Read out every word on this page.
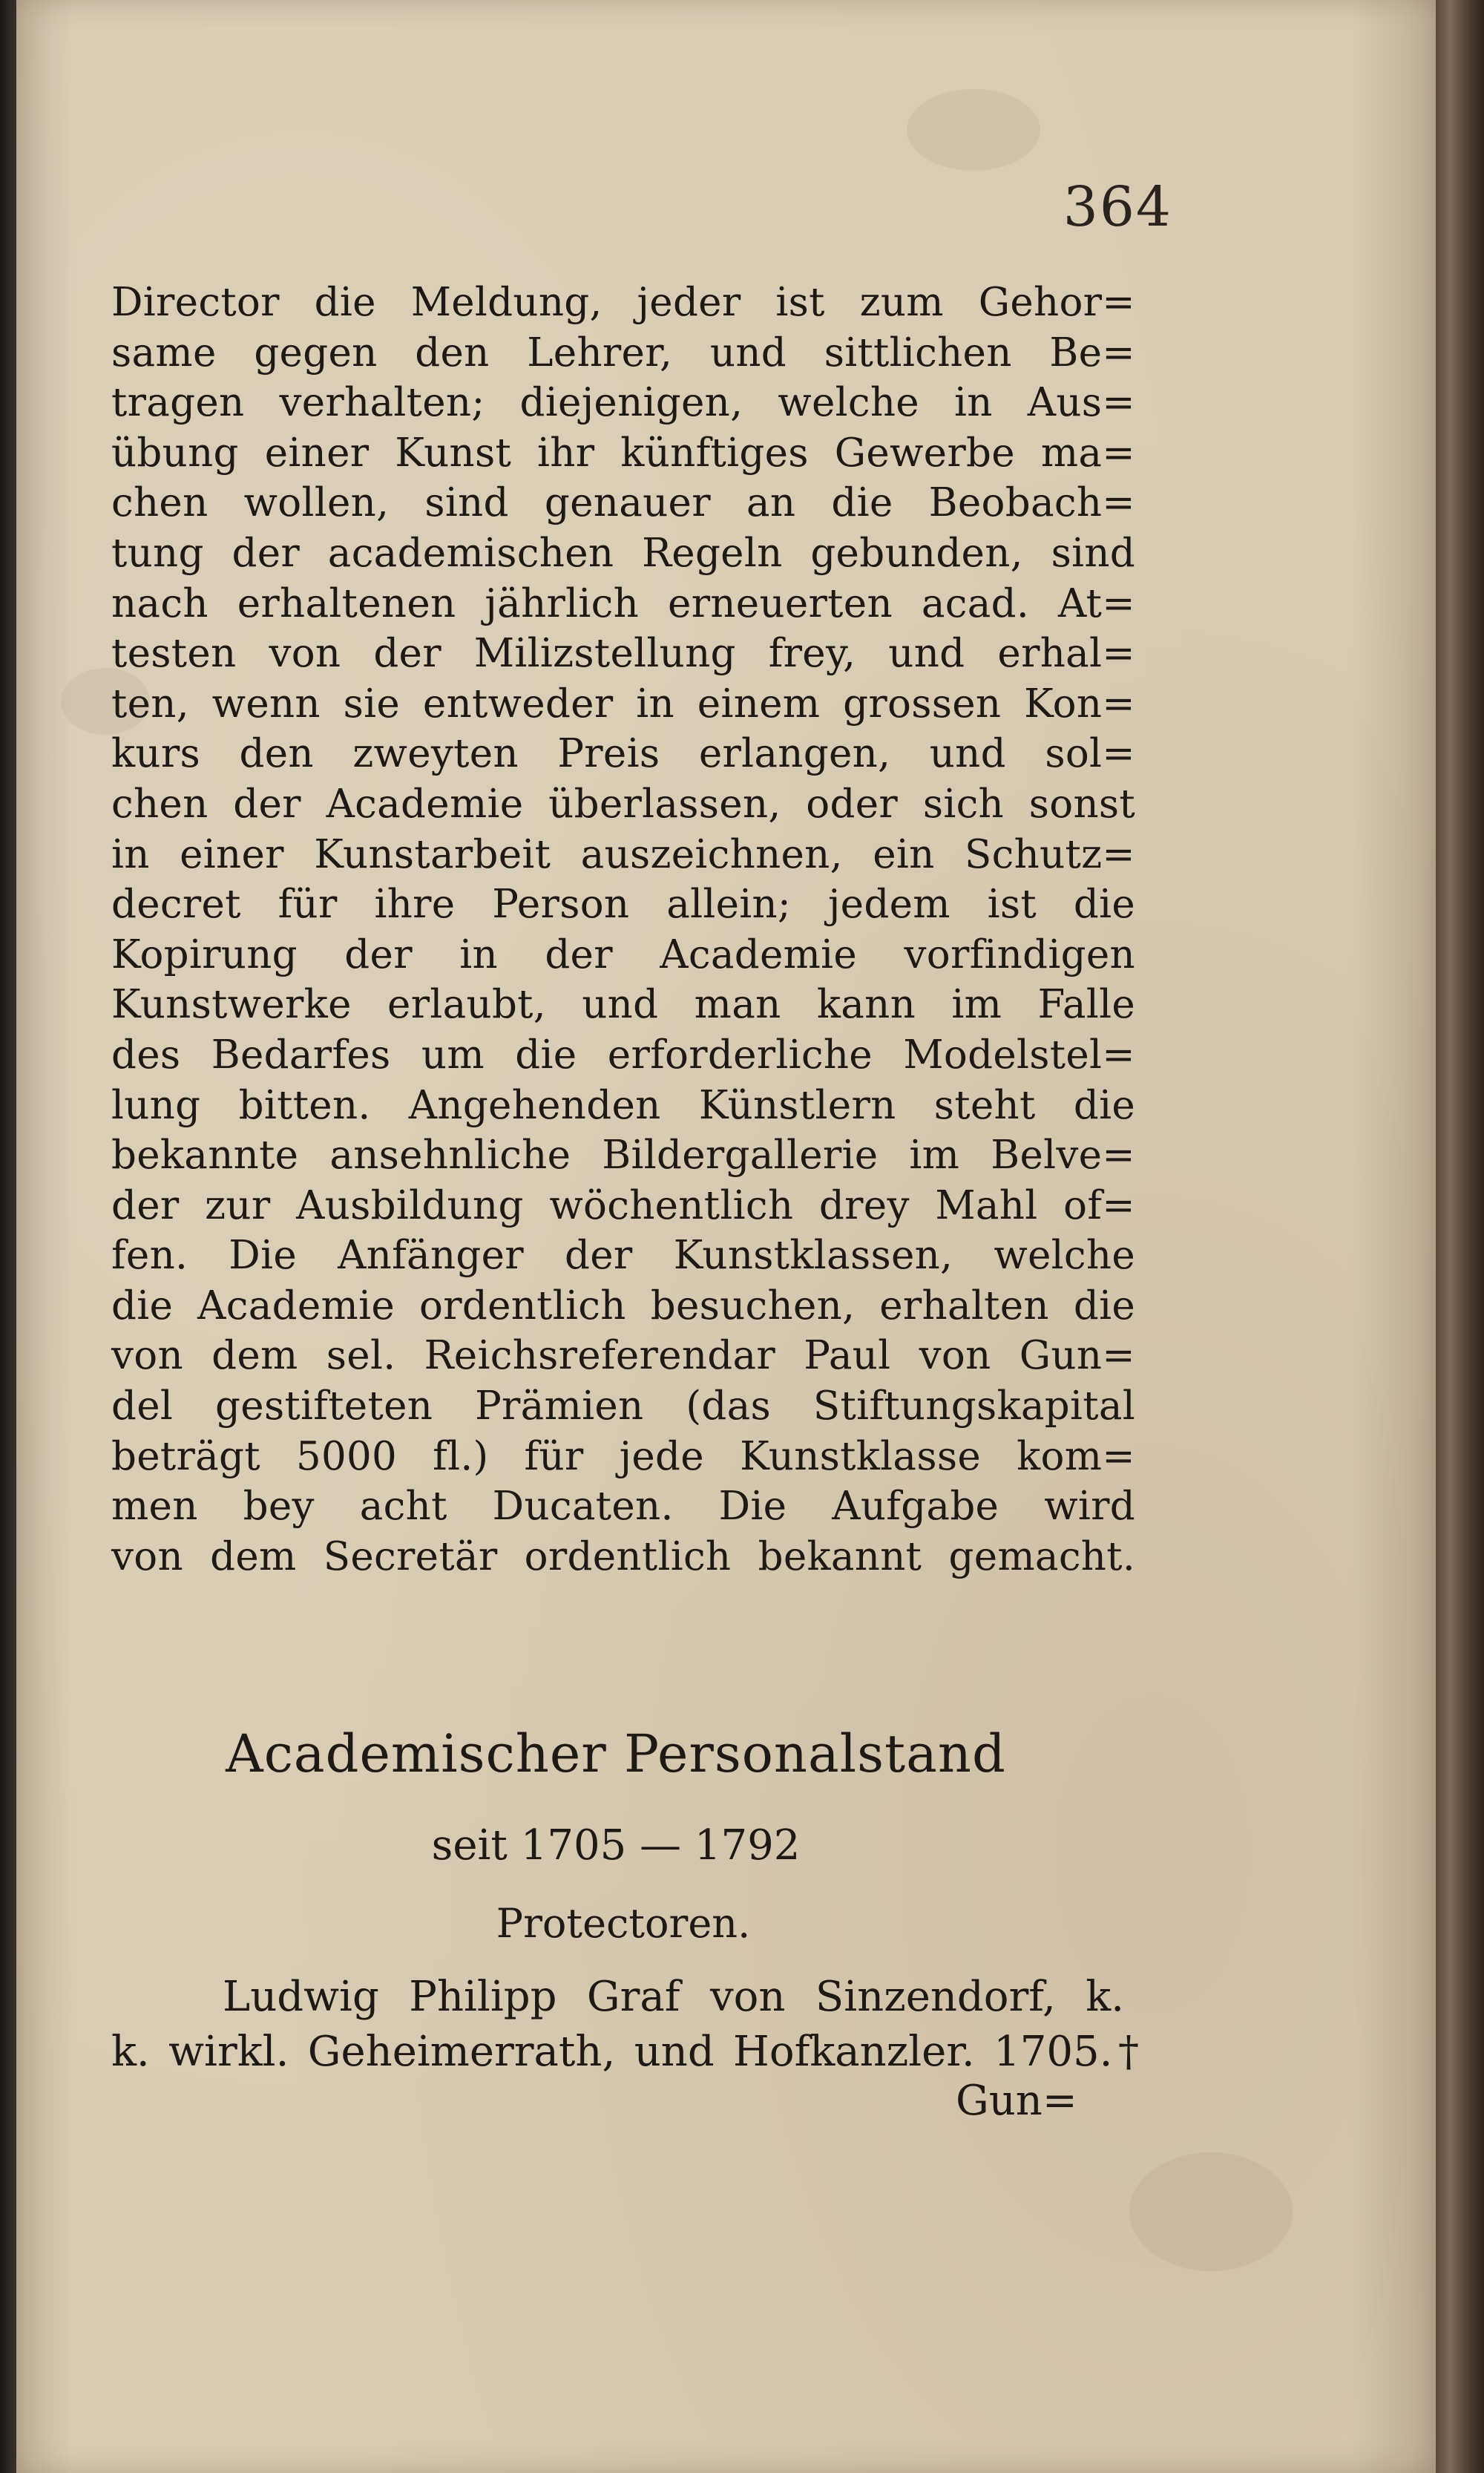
364
Director die Meldung, jeder ist zum Gehor=
same gegen den Lehrer, und sittlichen Be=
tragen verhalten; diejenigen, welche in Aus=
übung einer Kunst ihr künftiges Gewerbe ma=
chen wollen, sind genauer an die Beobach=
tung der academischen Regeln gebunden, sind
nach erhaltenen jährlich erneuerten acad. At=
testen von der Milizstellung frey, und erhal=
ten, wenn sie entweder in einem grossen Kon=
kurs den zweyten Preis erlangen, und sol=
chen der Academie überlassen, oder sich sonst
in einer Kunstarbeit auszeichnen, ein Schutz=
decret für ihre Person allein; jedem ist die
Kopirung der in der Academie vorfindigen
Kunstwerke erlaubt, und man kann im Falle
des Bedarfes um die erforderliche Modelstel=
lung bitten. Angehenden Künstlern steht die
bekannte ansehnliche Bildergallerie im Belve=
der zur Ausbildung wöchentlich drey Mahl of=
fen. Die Anfänger der Kunstklassen, welche
die Academie ordentlich besuchen, erhalten die
von dem sel. Reichsreferendar Paul von Gun=
del gestifteten Prämien (das Stiftungskapital
beträgt 5000 fl.) für jede Kunstklasse kom=
men bey acht Ducaten. Die Aufgabe wird
von dem Secretär ordentlich bekannt gemacht.
Academischer Personalstand
seit 1705 — 1792
Protectoren.
Ludwig Philipp Graf von Sinzendorf, k.
k. wirkl. Geheimerrath, und Hofkanzler. 1705.†
Gun=
